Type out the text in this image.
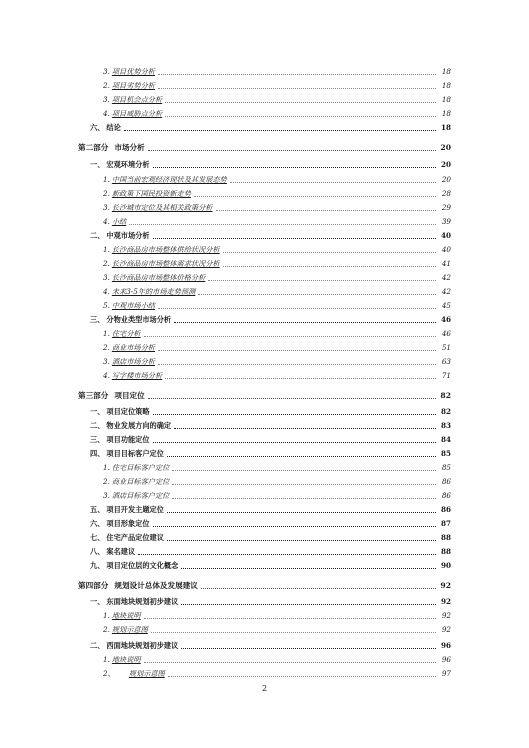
3. 项目优势分析	18
2. 项目劣势分析	18
3. 项目机会点分析	18
4. 项目威胁点分析	18
六、 结论	18
第二部分 市场分析	20
一、 宏观环境分析	20
1. 中国当前宏观经济现状及其发展态势	20
2. 新政策下国民投资新走势	28
3. 长沙城市定位及其相关政策分析	29
4. 小结	39
二、 中观市场分析	40
1. 长沙商品房市场整体供给状况分析	40
2. 长沙商品房市场整体需求状况分析	41
3. 长沙商品房市场整体价格分析	42
4. 未来3-5年的市场走势预测	42
5. 中观市场小结	45
三、 分物业类型市场分析	46
1. 住宅分析	46
2. 商业市场分析	51
3. 酒店市场分析	63
4. 写字楼市场分析	71
第三部分 项目定位	82
一、 项目定位策略	82
二、 物业发展方向的确定	83
三、 项目功能定位	84
四、 项目目标客户定位	85
1. 住宅目标客户定位	85
2. 商业目标客户定位	86
3. 酒店目标客户定位	86
五、 项目开发主题定位	86
六、 项目形象定位	87
七、 住宅产品定位建议	88
八、 案名建议	88
九、 项目定位层的文化概念	90
第四部分 规划设计总体及发展建议	92
一、 东面地块规划初步建议	92
1. 地块说明	92
2. 规划示意图	92
二、 西面地块规划初步建议	96
1. 地块说明	96
2、 规划示意图	97
2
